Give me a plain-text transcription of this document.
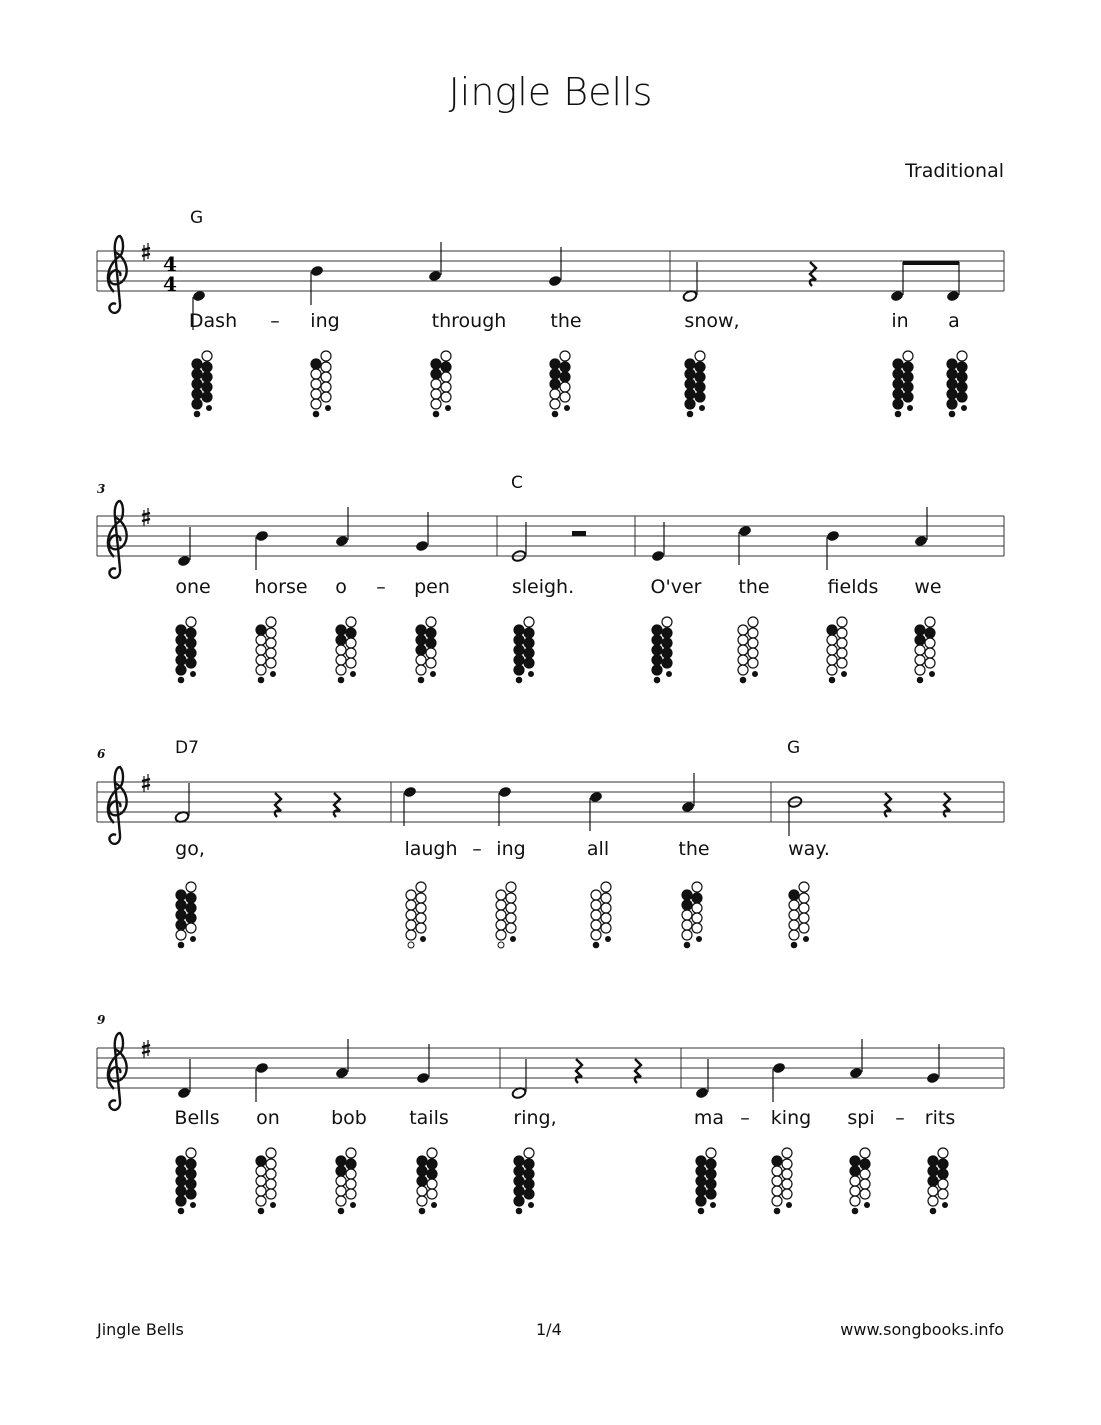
Jingle Bells
Traditional
G
3	C
6	D7	G
9
Dash – ing	through the	snow,	in a
one horse o – pen	sleigh.	O'ver the	fields we
go,	laugh – ing	all	the	way.
Bells on	bob tails	ring,	ma – king spi – rits
4
4
Jingle Bells	1/4	www.songbooks.info
